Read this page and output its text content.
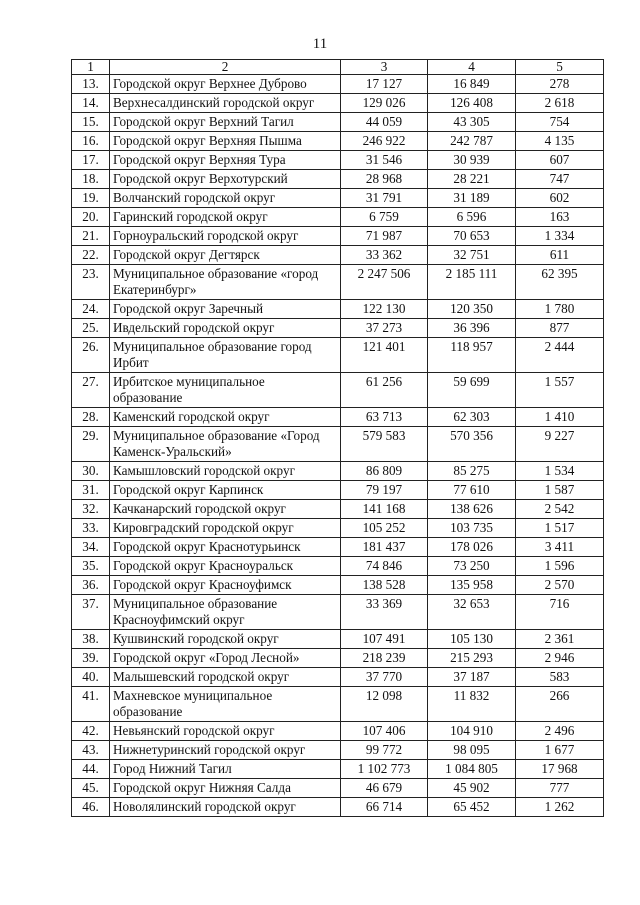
11
1	2	3	4	5
13.	Городской округ Верхнее Дуброво	17 127	16 849	278
14.	Верхнесалдинский городской округ	129 026	126 408	2 618
15.	Городской округ Верхний Тагил	44 059	43 305	754
16.	Городской округ Верхняя Пышма	246 922	242 787	4 135
17.	Городской округ Верхняя Тура	31 546	30 939	607
18.	Городской округ Верхотурский	28 968	28 221	747
19.	Волчанский городской округ	31 791	31 189	602
20.	Гаринский городской округ	6 759	6 596	163
21.	Горноуральский городской округ	71 987	70 653	1 334
22.	Городской округ Дегтярск	33 362	32 751	611
23.	Муниципальное образование «город Екатеринбург»	2 247 506	2 185 111	62 395
24.	Городской округ Заречный	122 130	120 350	1 780
25.	Ивдельский городской округ	37 273	36 396	877
26.	Муниципальное образование город Ирбит	121 401	118 957	2 444
27.	Ирбитское муниципальное образование	61 256	59 699	1 557
28.	Каменский городской округ	63 713	62 303	1 410
29.	Муниципальное образование «Город Каменск-Уральский»	579 583	570 356	9 227
30.	Камышловский городской округ	86 809	85 275	1 534
31.	Городской округ Карпинск	79 197	77 610	1 587
32.	Качканарский городской округ	141 168	138 626	2 542
33.	Кировградский городской округ	105 252	103 735	1 517
34.	Городской округ Краснотурьинск	181 437	178 026	3 411
35.	Городской округ Красноуральск	74 846	73 250	1 596
36.	Городской округ Красноуфимск	138 528	135 958	2 570
37.	Муниципальное образование Красноуфимский округ	33 369	32 653	716
38.	Кушвинский городской округ	107 491	105 130	2 361
39.	Городской округ «Город Лесной»	218 239	215 293	2 946
40.	Малышевский городской округ	37 770	37 187	583
41.	Махневское муниципальное образование	12 098	11 832	266
42.	Невьянский городской округ	107 406	104 910	2 496
43.	Нижнетуринский городской округ	99 772	98 095	1 677
44.	Город Нижний Тагил	1 102 773	1 084 805	17 968
45.	Городской округ Нижняя Салда	46 679	45 902	777
46.	Новолялинский городской округ	66 714	65 452	1 262
